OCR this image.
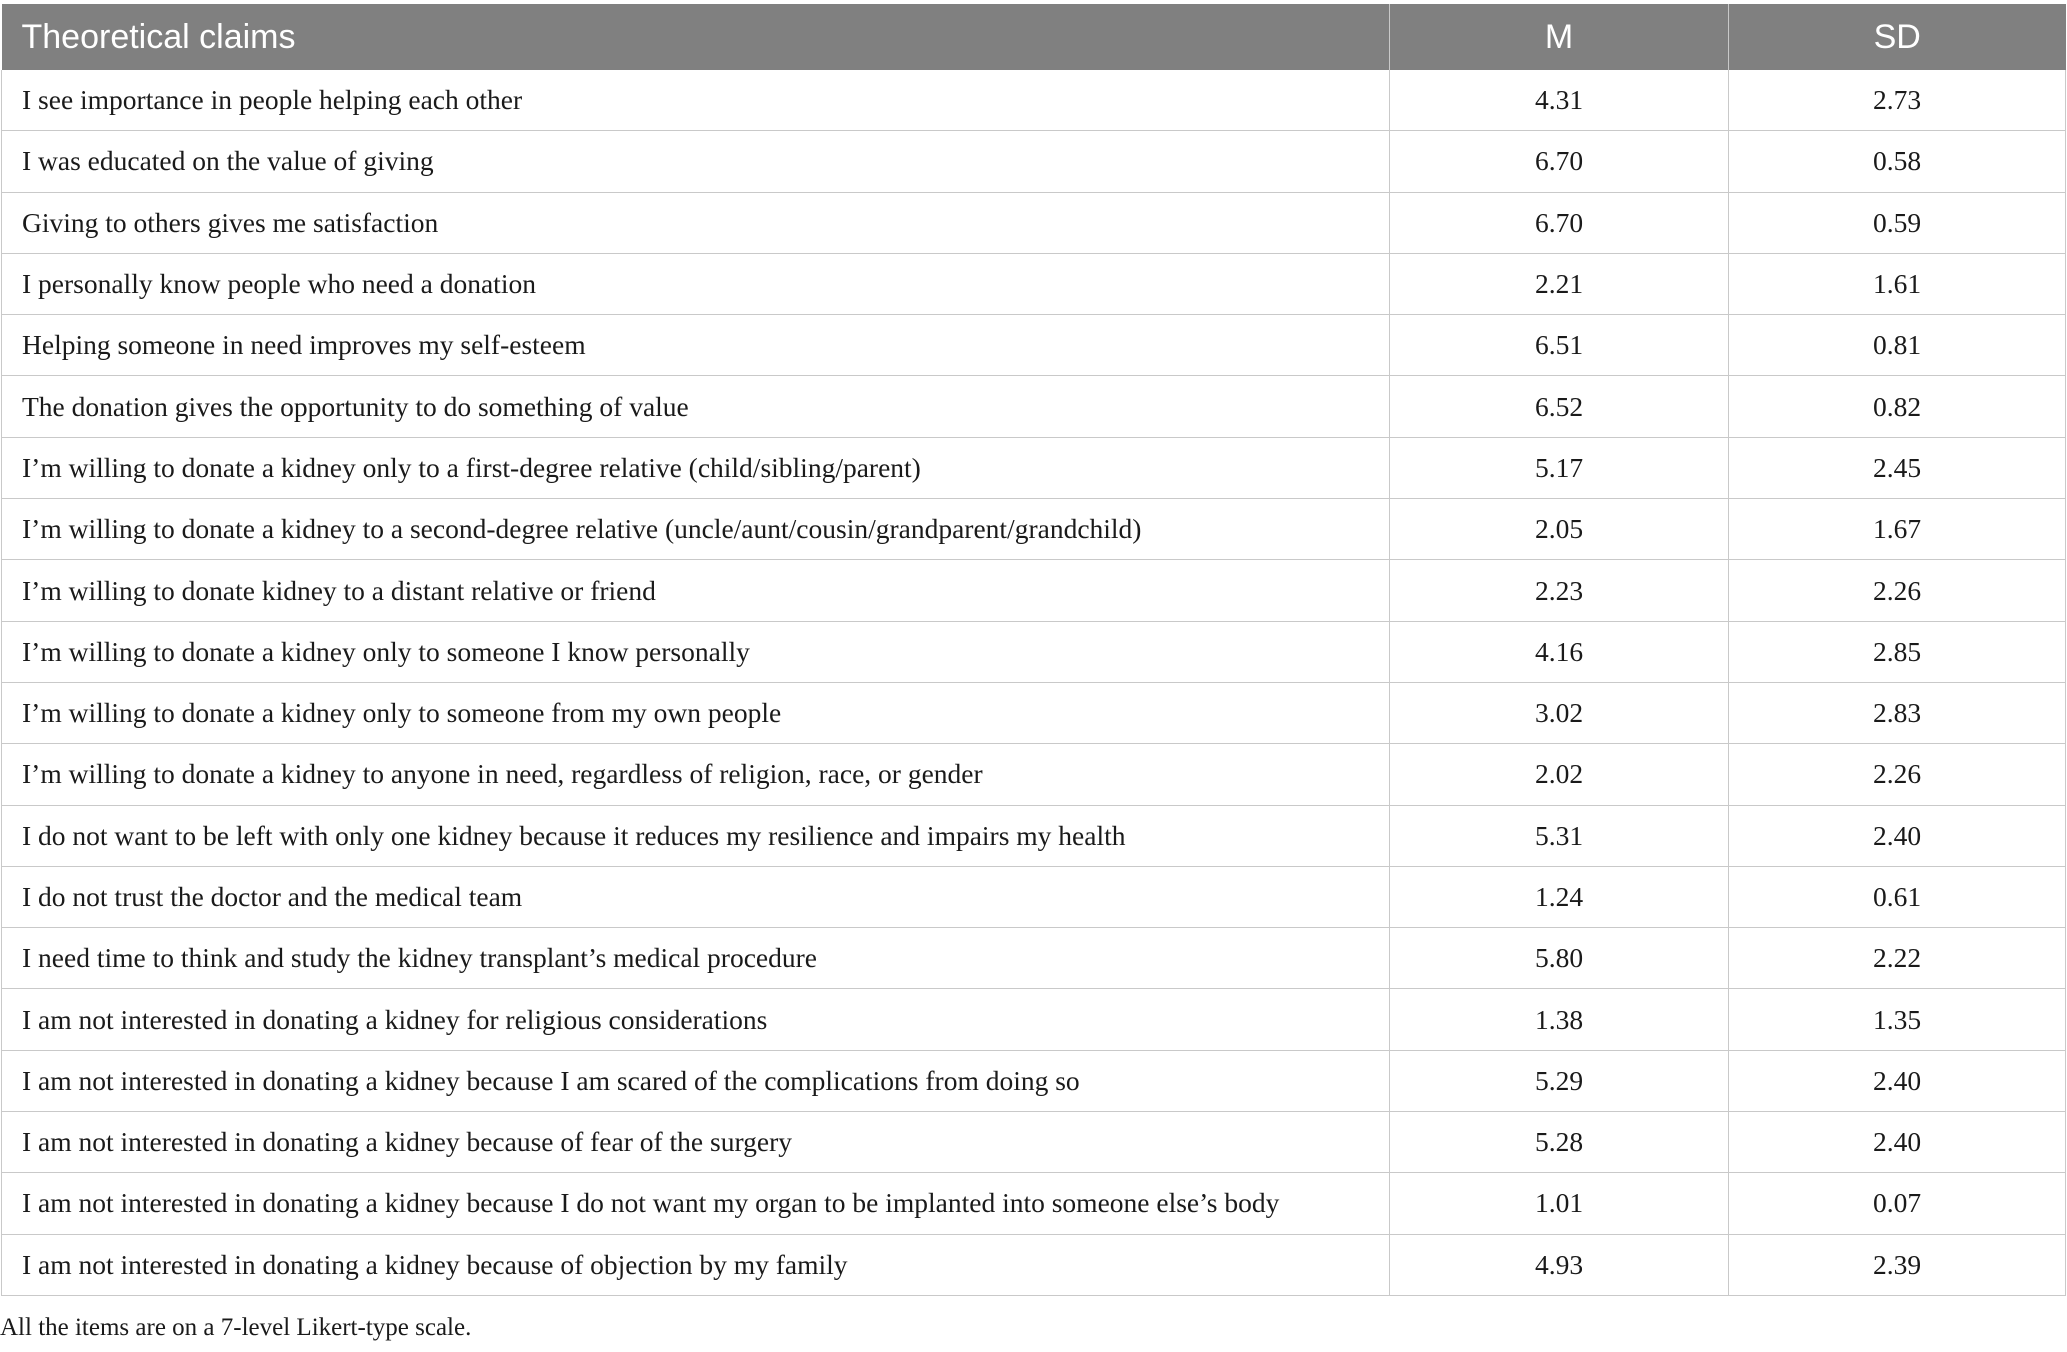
Theoretical claims	M	SD
I see importance in people helping each other	4.31	2.73
I was educated on the value of giving	6.70	0.58
Giving to others gives me satisfaction	6.70	0.59
I personally know people who need a donation	2.21	1.61
Helping someone in need improves my self-esteem	6.51	0.81
The donation gives the opportunity to do something of value	6.52	0.82
I’m willing to donate a kidney only to a first-degree relative (child/sibling/parent)	5.17	2.45
I’m willing to donate a kidney to a second-degree relative (uncle/aunt/cousin/grandparent/grandchild)	2.05	1.67
I’m willing to donate kidney to a distant relative or friend	2.23	2.26
I’m willing to donate a kidney only to someone I know personally	4.16	2.85
I’m willing to donate a kidney only to someone from my own people	3.02	2.83
I’m willing to donate a kidney to anyone in need, regardless of religion, race, or gender	2.02	2.26
I do not want to be left with only one kidney because it reduces my resilience and impairs my health	5.31	2.40
I do not trust the doctor and the medical team	1.24	0.61
I need time to think and study the kidney transplant’s medical procedure	5.80	2.22
I am not interested in donating a kidney for religious considerations	1.38	1.35
I am not interested in donating a kidney because I am scared of the complications from doing so	5.29	2.40
I am not interested in donating a kidney because of fear of the surgery	5.28	2.40
I am not interested in donating a kidney because I do not want my organ to be implanted into someone else’s body	1.01	0.07
I am not interested in donating a kidney because of objection by my family	4.93	2.39
All the items are on a 7-level Likert-type scale.
